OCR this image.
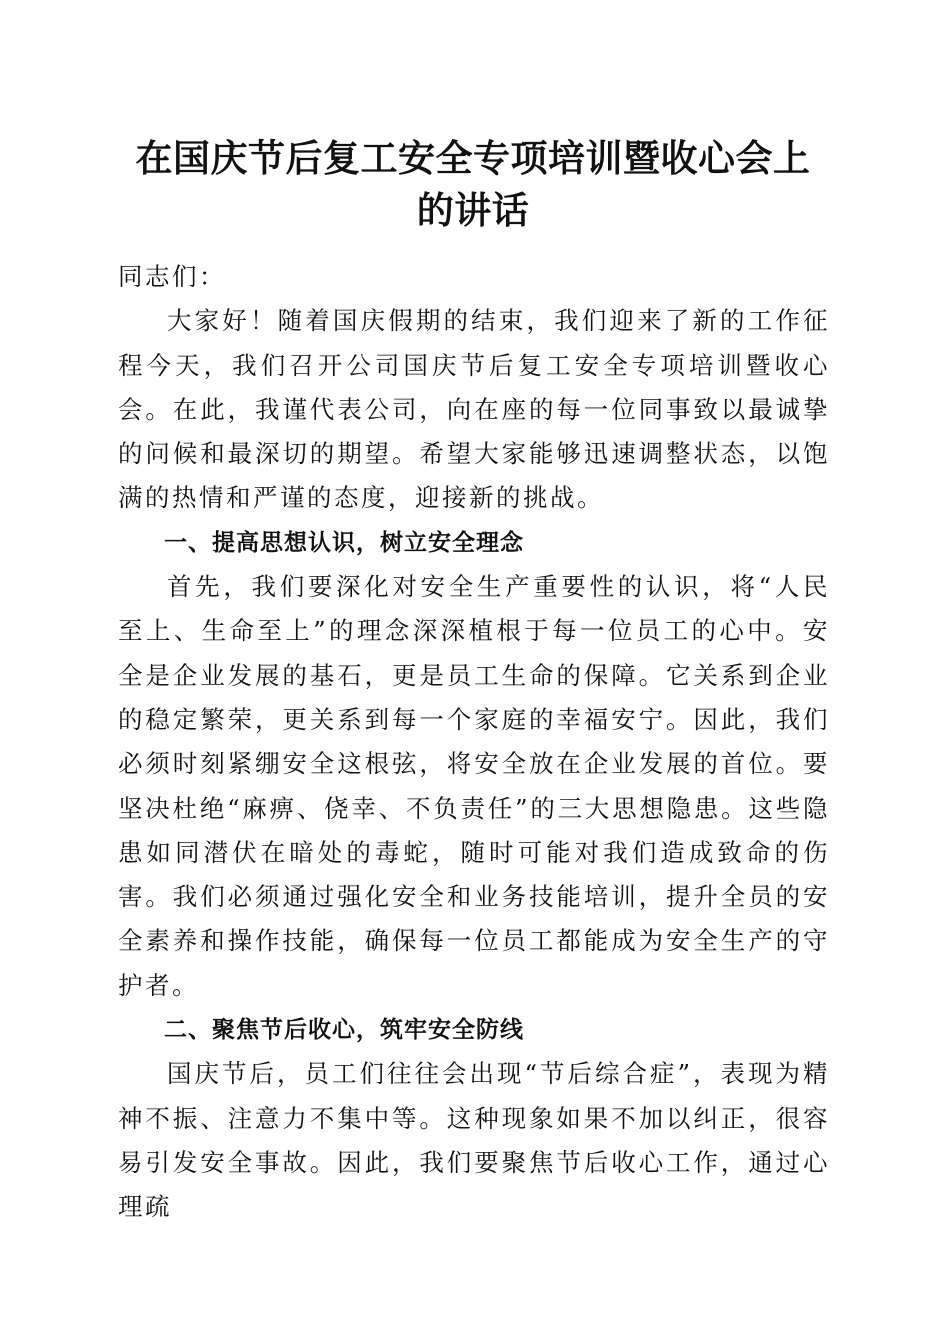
在国庆节后复工安全专项培训暨收心会上的讲话

同志们：

大家好！随着国庆假期的结束，我们迎来了新的工作征程今天，我们召开公司国庆节后复工安全专项培训暨收心会。在此，我谨代表公司，向在座的每一位同事致以最诚挚的问候和最深切的期望。希望大家能够迅速调整状态，以饱满的热情和严谨的态度，迎接新的挑战。

一、提高思想认识，树立安全理念

首先，我们要深化对安全生产重要性的认识，将“人民至上、生命至上”的理念深深植根于每一位员工的心中。安全是企业发展的基石，更是员工生命的保障。它关系到企业的稳定繁荣，更关系到每一个家庭的幸福安宁。因此，我们必须时刻紧绷安全这根弦，将安全放在企业发展的首位。要坚决杜绝“麻痹、侥幸、不负责任”的三大思想隐患。这些隐患如同潜伏在暗处的毒蛇，随时可能对我们造成致命的伤害。我们必须通过强化安全和业务技能培训，提升全员的安全素养和操作技能，确保每一位员工都能成为安全生产的守护者。

二、聚焦节后收心，筑牢安全防线

国庆节后，员工们往往会出现“节后综合症”，表现为精神不振、注意力不集中等。这种现象如果不加以纠正，很容易引发安全事故。因此，我们要聚焦节后收心工作，通过心理疏
